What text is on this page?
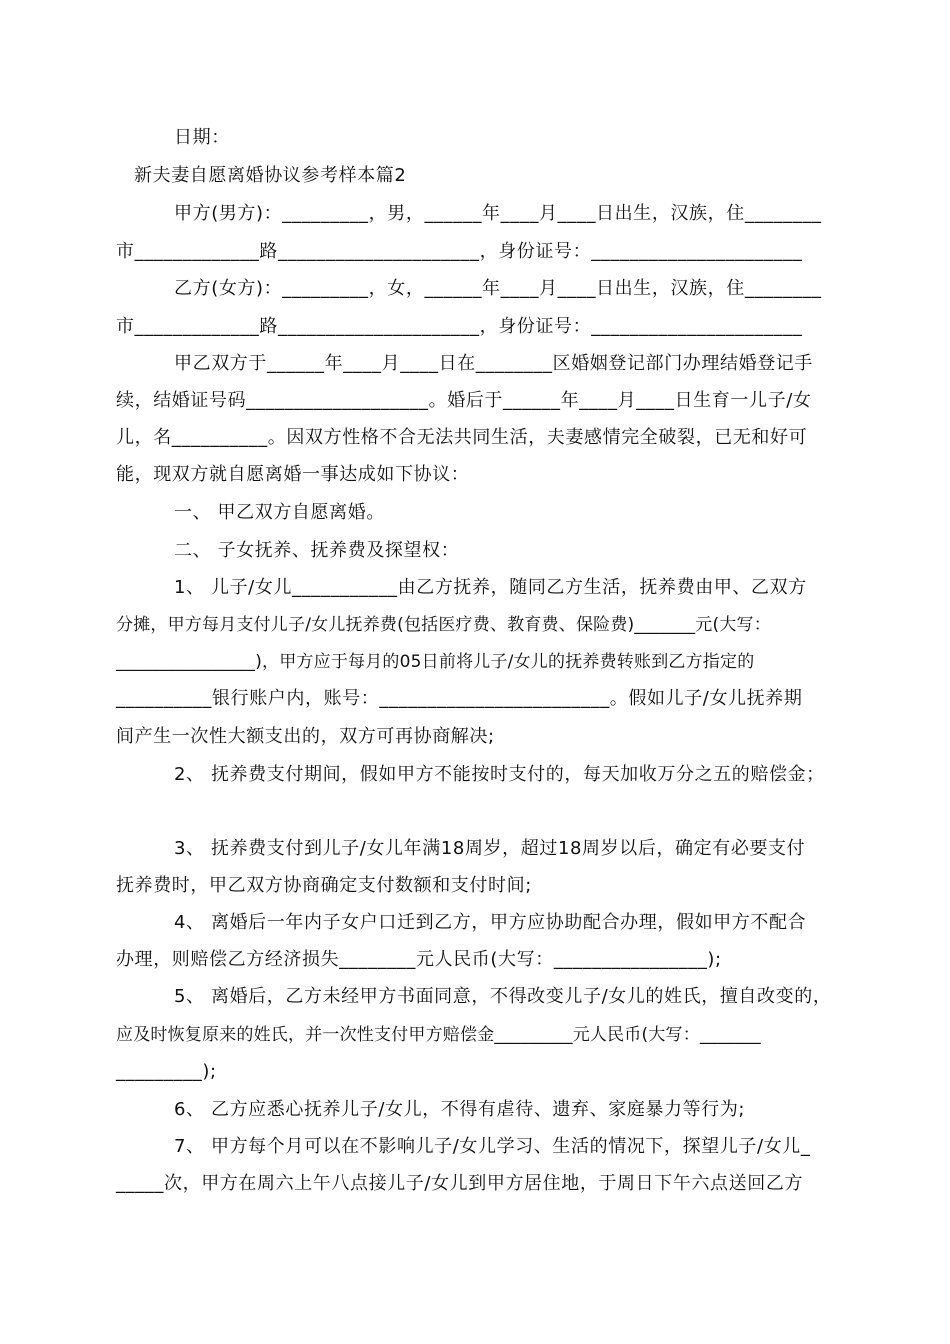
日期：

新夫妻自愿离婚协议参考样本篇2

甲方(男方)：_________，男，______年____月____日出生，汉族，住________

市_____________路_____________________，身份证号：______________________

乙方(女方)：_________，女，______年____月____日出生，汉族，住________

市_____________路_____________________，身份证号：______________________

甲乙双方于______年____月____日在________区婚姻登记部门办理结婚登记手

续，结婚证号码___________________。婚后于______年____月____日生育一儿子/女

儿，名__________。因双方性格不合无法共同生活，夫妻感情完全破裂，已无和好可

能，现双方就自愿离婚一事达成如下协议：

一、 甲乙双方自愿离婚。

二、 子女抚养、抚养费及探望权：

1、 儿子/女儿___________由乙方抚养，随同乙方生活，抚养费由甲、乙双方

分摊，甲方每月支付儿子/女儿抚养费(包括医疗费、教育费、保险费)_______元(大写：

________________)，甲方应于每月的05日前将儿子/女儿的抚养费转账到乙方指定的

__________银行账户内，账号：________________________。假如儿子/女儿抚养期

间产生一次性大额支出的，双方可再协商解决;

2、 抚养费支付期间，假如甲方不能按时支付的，每天加收万分之五的赔偿金；

3、 抚养费支付到儿子/女儿年满18周岁，超过18周岁以后，确定有必要支付

抚养费时，甲乙双方协商确定支付数额和支付时间;

4、 离婚后一年内子女户口迁到乙方，甲方应协助配合办理，假如甲方不配合

办理，则赔偿乙方经济损失________元人民币(大写：________________);

5、 离婚后，乙方未经甲方书面同意，不得改变儿子/女儿的姓氏，擅自改变的，

应及时恢复原来的姓氏，并一次性支付甲方赔偿金_________元人民币(大写：_______

_________);

6、 乙方应悉心抚养儿子/女儿，不得有虐待、遗弃、家庭暴力等行为;

7、 甲方每个月可以在不影响儿子/女儿学习、生活的情况下，探望儿子/女儿_

_____次，甲方在周六上午八点接儿子/女儿到甲方居住地，于周日下午六点送回乙方
